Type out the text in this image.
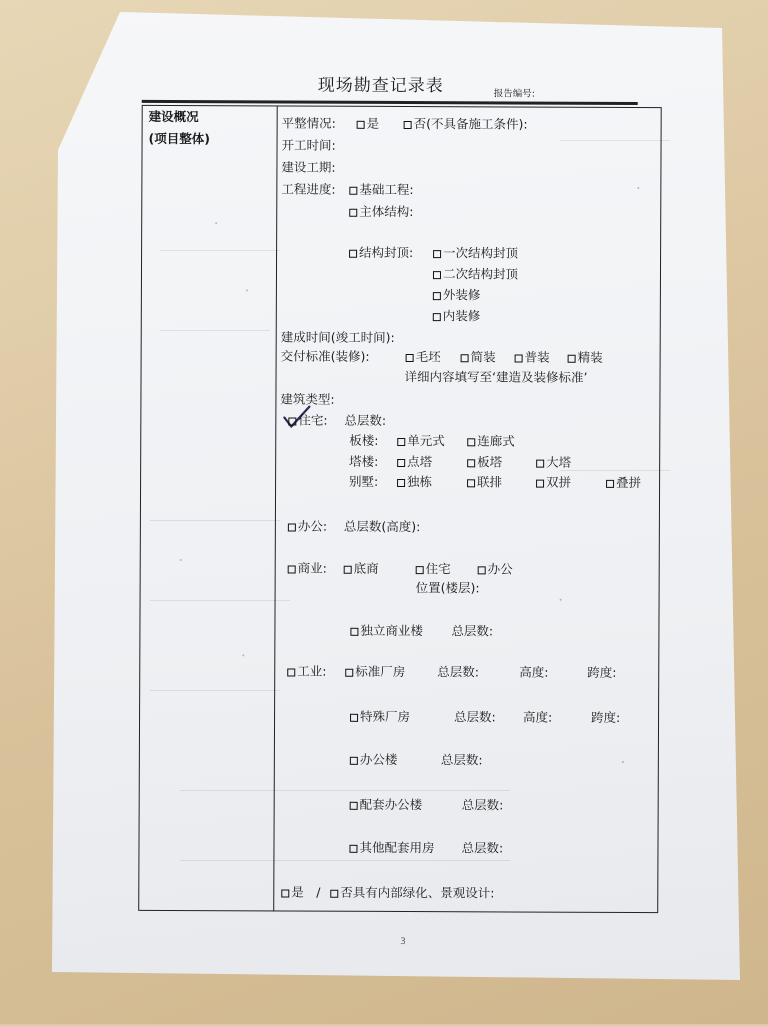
现场勘查记录表	报告编号:
建设概况
(项目整体)
平整情况:	是	否(不具备施工条件):
开工时间:
建设工期:
工程进度:	基础工程:
主体结构:
结构封顶:	一次结构封顶
二次结构封顶
外装修
内装修
建成时间(竣工时间):
交付标准(装修):	毛坯	简装	普装	精装
详细内容填写至‘建造及装修标准’
建筑类型:
住宅: 总层数:
板楼:	单元式	连廊式
塔楼:	点塔	板塔	大塔
别墅:	独栋	联排	双拼	叠拼
办公: 总层数(高度):
商业:	底商	住宅	办公
位置(楼层):
独立商业楼 总层数:
工业:	标准厂房	总层数:	高度:	跨度:
特殊厂房	总层数: 高度:	跨度:
办公楼	总层数:
配套办公楼	总层数:
其他配套用房 总层数:
是 /	否具有内部绿化、景观设计:
3
